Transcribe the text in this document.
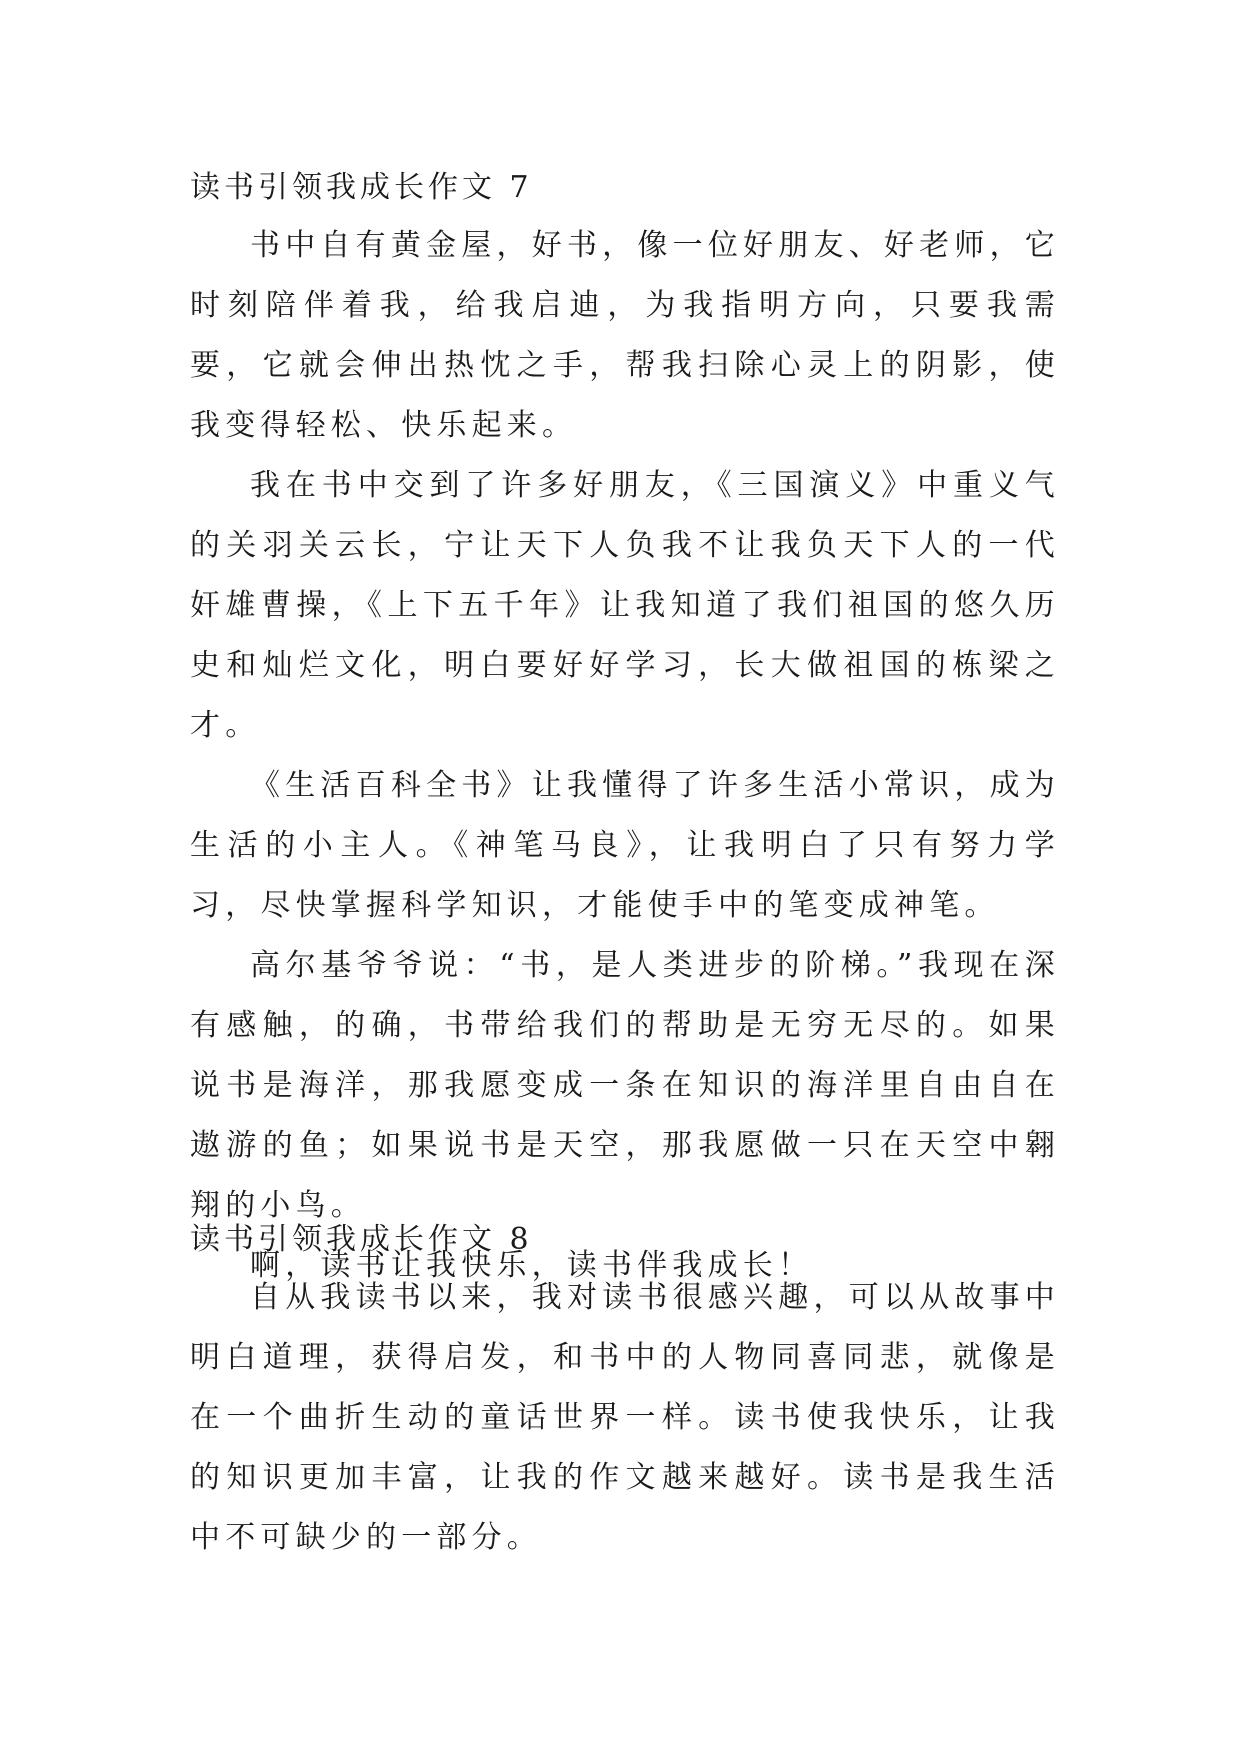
读书引领我成长作文 7

书中自有黄金屋，好书，像一位好朋友、好老师，它时刻陪伴着我，给我启迪，为我指明方向，只要我需要，它就会伸出热忱之手，帮我扫除心灵上的阴影，使我变得轻松、快乐起来。

我在书中交到了许多好朋友，《三国演义》中重义气的关羽关云长，宁让天下人负我不让我负天下人的一代奸雄曹操，《上下五千年》让我知道了我们祖国的悠久历史和灿烂文化，明白要好好学习，长大做祖国的栋梁之才。

《生活百科全书》让我懂得了许多生活小常识，成为生活的小主人。《神笔马良》，让我明白了只有努力学习，尽快掌握科学知识，才能使手中的笔变成神笔。

高尔基爷爷说：“书，是人类进步的阶梯。”我现在深有感触，的确，书带给我们的帮助是无穷无尽的。如果说书是海洋，那我愿变成一条在知识的海洋里自由自在遨游的鱼；如果说书是天空，那我愿做一只在天空中翱翔的小鸟。

啊，读书让我快乐，读书伴我成长！

读书引领我成长作文 8

自从我读书以来，我对读书很感兴趣，可以从故事中明白道理，获得启发，和书中的人物同喜同悲，就像是在一个曲折生动的童话世界一样。读书使我快乐，让我的知识更加丰富，让我的作文越来越好。读书是我生活中不可缺少的一部分。
